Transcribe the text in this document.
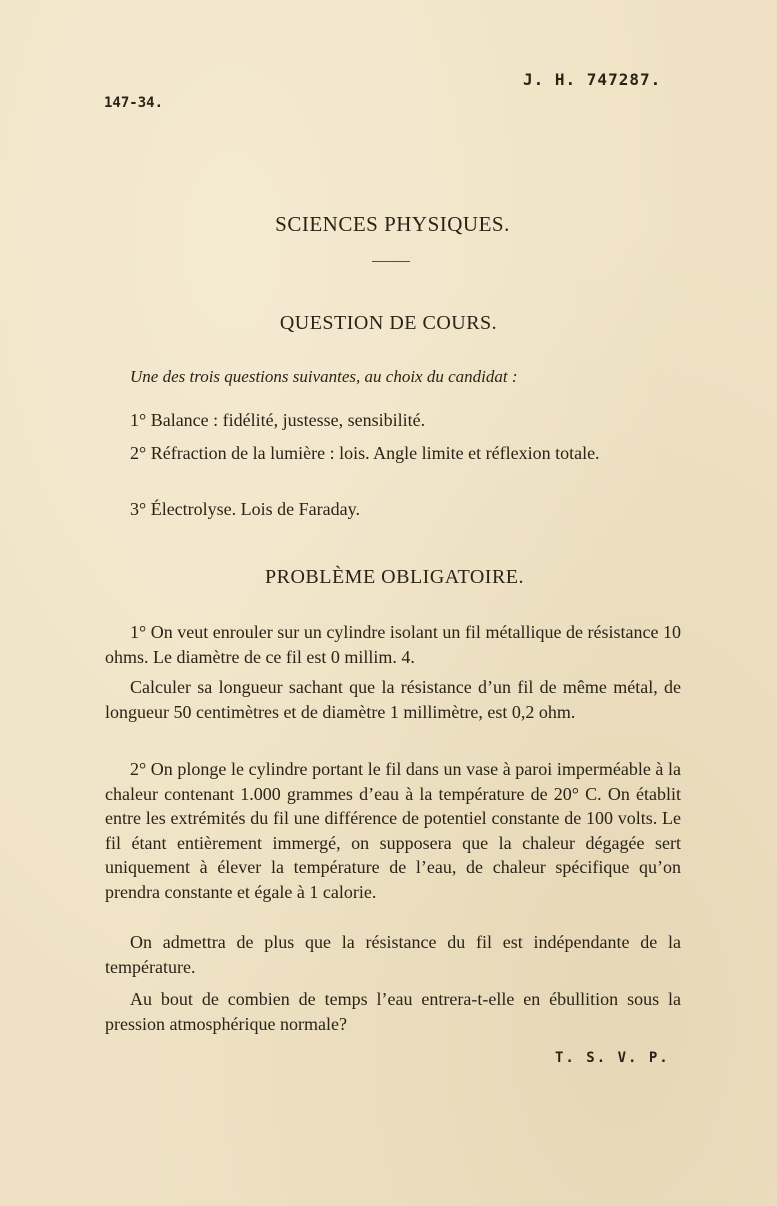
J. H. 747287.
147-34.
SCIENCES PHYSIQUES.
QUESTION DE COURS.
Une des trois questions suivantes, au choix du candidat :

1° Balance : fidélité, justesse, sensibilité.

2° Réfraction de la lumière : lois. Angle limite et réflexion totale.

3° Électrolyse. Lois de Faraday.

PROBLÈME OBLIGATOIRE.

1° On veut enrouler sur un cylindre isolant un fil métallique de résistance 10 ohms. Le diamètre de ce fil est 0 millim. 4.

Calculer sa longueur sachant que la résistance d’un fil de même métal, de longueur 50 centimètres et de diamètre 1 millimètre, est 0,2 ohm.

2° On plonge le cylindre portant le fil dans un vase à paroi imperméable à la chaleur contenant 1.000 grammes d’eau à la température de 20° C. On établit entre les extrémités du fil une différence de potentiel constante de 100 volts. Le fil étant entièrement immergé, on supposera que la chaleur dégagée sert uniquement à élever la température de l’eau, de chaleur spécifique qu’on prendra constante et égale à 1 calorie.

On admettra de plus que la résistance du fil est indépendante de la température.

Au bout de combien de temps l’eau entrera-t-elle en ébullition sous la pression atmosphérique normale?

T. S. V. P.
